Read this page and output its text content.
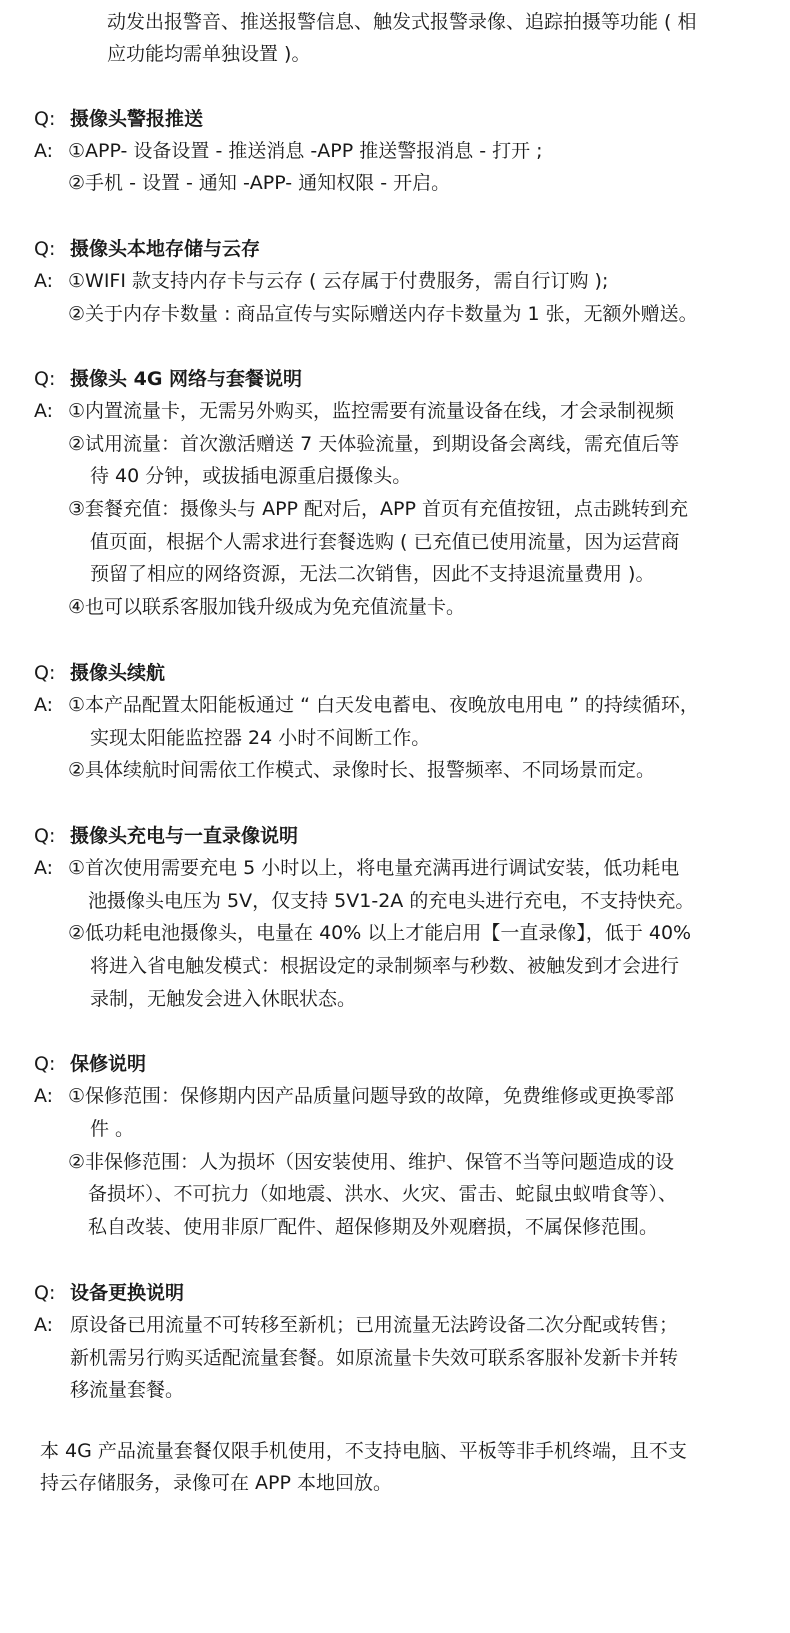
动发出报警音、推送报警信息、触发式报警录像、追踪拍摄等功能 ( 相
应功能均需单独设置 )。
Q: 摄像头警报推送
A: ①APP- 设备设置 - 推送消息 -APP 推送警报消息 - 打开 ;
②手机 - 设置 - 通知 -APP- 通知权限 - 开启。
Q: 摄像头本地存储与云存
A: ①WIFI 款支持内存卡与云存 ( 云存属于付费服务，需自行订购 );
②关于内存卡数量 : 商品宣传与实际赠送内存卡数量为 1 张，无额外赠送。
Q: 摄像头 4G 网络与套餐说明
A: ①内置流量卡，无需另外购买，监控需要有流量设备在线，才会录制视频
②试用流量：首次激活赠送 7 天体验流量，到期设备会离线，需充值后等
待 40 分钟，或拔插电源重启摄像头。
③套餐充值：摄像头与 APP 配对后，APP 首页有充值按钮，点击跳转到充
值页面，根据个人需求进行套餐选购 ( 已充值已使用流量，因为运营商
预留了相应的网络资源，无法二次销售，因此不支持退流量费用 )。
④也可以联系客服加钱升级成为免充值流量卡。
Q: 摄像头续航
A: ①本产品配置太阳能板通过 “ 白天发电蓄电、夜晚放电用电 ” 的持续循环，
实现太阳能监控器 24 小时不间断工作。
②具体续航时间需依工作模式、录像时长、报警频率、不同场景而定。
Q: 摄像头充电与一直录像说明
A: ①首次使用需要充电 5 小时以上，将电量充满再进行调试安装，低功耗电
池摄像头电压为 5V，仅支持 5V1-2A 的充电头进行充电，不支持快充。
②低功耗电池摄像头，电量在 40% 以上才能启用【一直录像】，低于 40%
将进入省电触发模式：根据设定的录制频率与秒数、被触发到才会进行
录制，无触发会进入休眠状态。
Q: 保修说明
A: ①保修范围：保修期内因产品质量问题导致的故障，免费维修或更换零部
件 。
②非保修范围：人为损坏（因安装使用、维护、保管不当等问题造成的设
备损坏）、不可抗力（如地震、洪水、火灾、雷击、蛇鼠虫蚁啃食等）、
私自改装、使用非原厂配件、超保修期及外观磨损，不属保修范围。
Q: 设备更换说明
A: 原设备已用流量不可转移至新机；已用流量无法跨设备二次分配或转售；
新机需另行购买适配流量套餐。如原流量卡失效可联系客服补发新卡并转
移流量套餐。
本 4G 产品流量套餐仅限手机使用，不支持电脑、平板等非手机终端，且不支
持云存储服务，录像可在 APP 本地回放。
